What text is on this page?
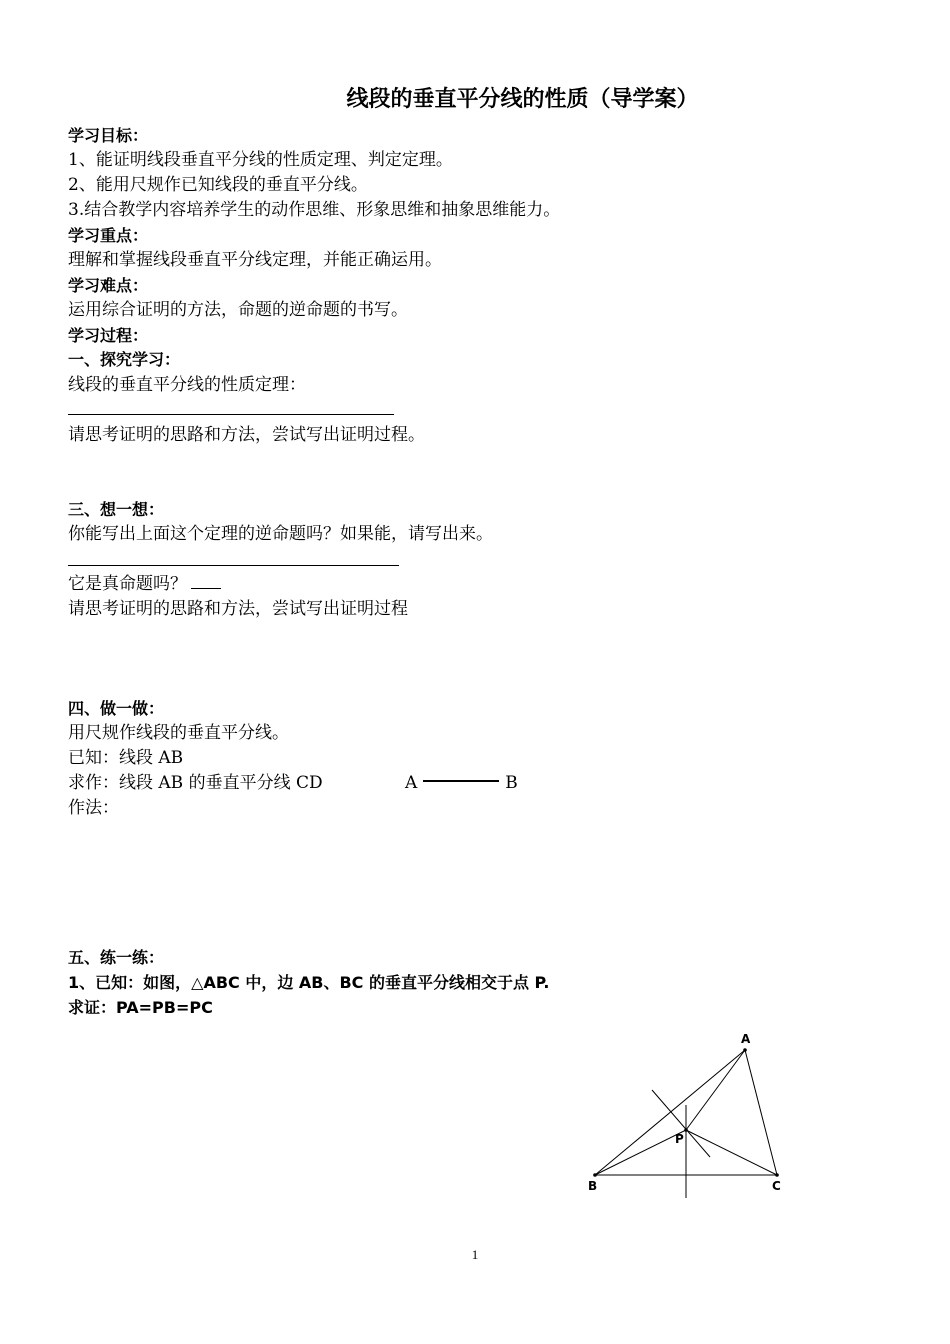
线段的垂直平分线的性质（导学案）
学习目标：
1、能证明线段垂直平分线的性质定理、判定定理。
2、能用尺规作已知线段的垂直平分线。
3.结合教学内容培养学生的动作思维、形象思维和抽象思维能力。
学习重点：
理解和掌握线段垂直平分线定理，并能正确运用。
学习难点：
运用综合证明的方法，命题的逆命题的书写。
学习过程：
一、探究学习：
线段的垂直平分线的性质定理：
请思考证明的思路和方法，尝试写出证明过程。
三、想一想：
你能写出上面这个定理的逆命题吗？如果能，请写出来。
它是真命题吗？
请思考证明的思路和方法，尝试写出证明过程
四、做一做：
用尺规作线段的垂直平分线。
已知：线段 AB
求作：线段 AB 的垂直平分线 CD	A	B
作法：
五、练一练：
1、已知：如图，△ABC 中，边 AB、BC 的垂直平分线相交于点 P.
求证：PA=PB=PC
A
B	C
P
1
